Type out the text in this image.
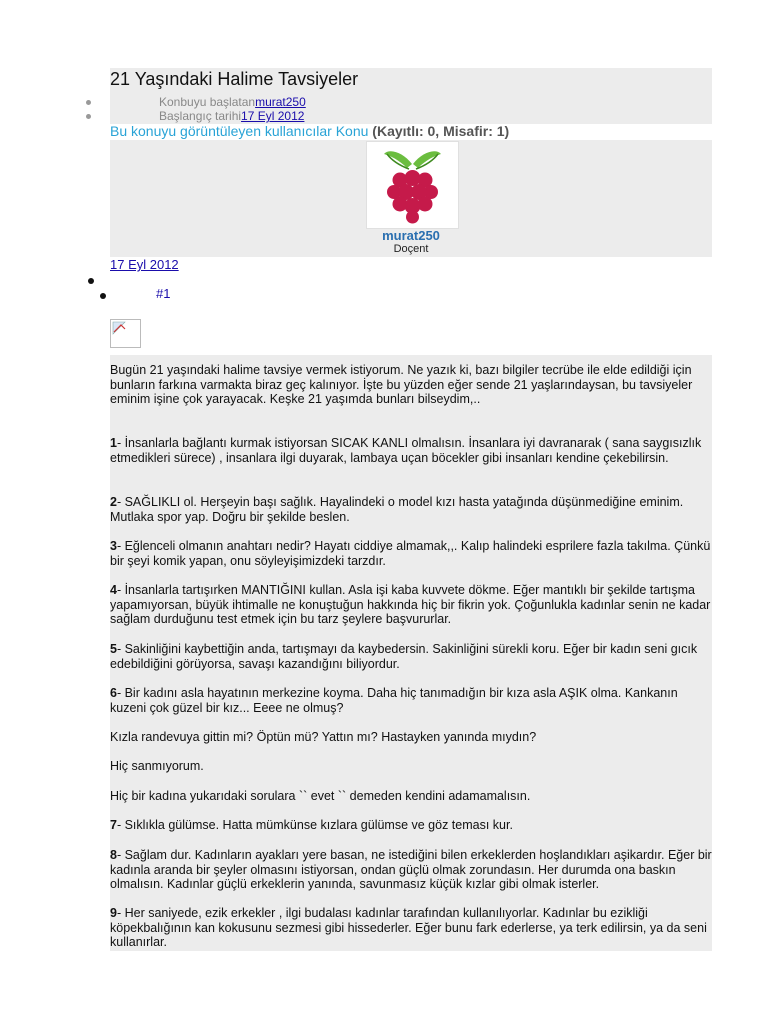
21 Yaşındaki Halime Tavsiyeler
Konbuyu başlatanmurat250
Başlangıç tarihi17 Eyl 2012
Bu konuyu görüntüleyen kullanıcılar Konu (Kayıtlı: 0, Misafir: 1)
murat250
Doçent
17 Eyl 2012
#1

Bugün 21 yaşındaki halime tavsiye vermek istiyorum. Ne yazık ki, bazı bilgiler tecrübe ile elde edildiği için bunların farkına varmakta biraz geç kalınıyor. İşte bu yüzden eğer sende 21 yaşlarındaysan, bu tavsiyeler eminim işine çok yarayacak. Keşke 21 yaşımda bunları bilseydim,..

1- İnsanlarla bağlantı kurmak istiyorsan SICAK KANLI olmalısın. İnsanlara iyi davranarak ( sana saygısızlık etmedikleri sürece) , insanlara ilgi duyarak, lambaya uçan böcekler gibi insanları kendine çekebilirsin.

2- SAĞLIKLI ol. Herşeyin başı sağlık. Hayalindeki o model kızı hasta yatağında düşünmediğine eminim. Mutlaka spor yap. Doğru bir şekilde beslen.

3- Eğlenceli olmanın anahtarı nedir? Hayatı ciddiye almamak,,. Kalıp halindeki esprilere fazla takılma. Çünkü bir şeyi komik yapan, onu söyleyişimizdeki tarzdır.

4- İnsanlarla tartışırken MANTIĞINI kullan. Asla işi kaba kuvvete dökme. Eğer mantıklı bir şekilde tartışma yapamıyorsan, büyük ihtimalle ne konuştuğun hakkında hiç bir fikrin yok. Çoğunlukla kadınlar senin ne kadar sağlam durduğunu test etmek için bu tarz şeylere başvururlar.

5- Sakinliğini kaybettiğin anda, tartışmayı da kaybedersin. Sakinliğini sürekli koru. Eğer bir kadın seni gıcık edebildiğini görüyorsa, savaşı kazandığını biliyordur.

6- Bir kadını asla hayatının merkezine koyma. Daha hiç tanımadığın bir kıza asla AŞIK olma. Kankanın kuzeni çok güzel bir kız... Eeee ne olmuş?

Kızla randevuya gittin mi? Öptün mü? Yattın mı? Hastayken yanında mıydın?

Hiç sanmıyorum.

Hiç bir kadına yukarıdaki sorulara `` evet `` demeden kendini adamamalısın.

7- Sıklıkla gülümse. Hatta mümkünse kızlara gülümse ve göz teması kur.

8- Sağlam dur. Kadınların ayakları yere basan, ne istediğini bilen erkeklerden hoşlandıkları aşikardır. Eğer bir kadınla aranda bir şeyler olmasını istiyorsan, ondan güçlü olmak zorundasın. Her durumda ona baskın olmalısın. Kadınlar güçlü erkeklerin yanında, savunmasız küçük kızlar gibi olmak isterler.

9- Her saniyede, ezik erkekler , ilgi budalası kadınlar tarafından kullanılıyorlar. Kadınlar bu ezikliği köpekbalığının kan kokusunu sezmesi gibi hissederler. Eğer bunu fark ederlerse, ya terk edilirsin, ya da seni kullanırlar.
